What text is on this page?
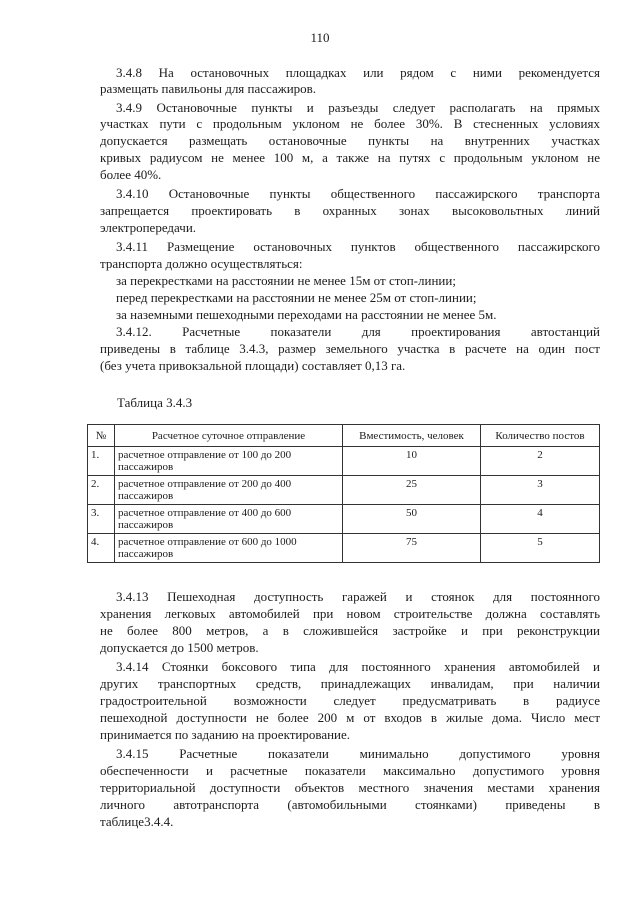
110
3.4.8 На остановочных площадках или рядом с ними рекомендуется
размещать павильоны для пассажиров.
3.4.9 Остановочные пункты и разъезды следует располагать на прямых
участках пути с продольным уклоном не более 30%. В стесненных условиях
допускается размещать остановочные пункты на внутренних участках
кривых радиусом не менее 100 м, а также на путях с продольным уклоном не
более 40%.
3.4.10 Остановочные пункты общественного пассажирского транспорта
запрещается проектировать в охранных зонах высоковольтных линий
электропередачи.
3.4.11 Размещение остановочных пунктов общественного пассажирского
транспорта должно осуществляться:
за перекрестками на расстоянии не менее 15м от стоп-линии;
перед перекрестками на расстоянии не менее 25м от стоп-линии;
за наземными пешеходными переходами на расстоянии не менее 5м.
3.4.12. Расчетные показатели для проектирования автостанций
приведены в таблице 3.4.3, размер земельного участка в расчете на один пост
(без учета привокзальной площади) составляет 0,13 га.
Таблица 3.4.3
№	Расчетное суточное отправление	Вместимость, человек	Количество постов
1.	расчетное отправление от 100 до 200 пассажиров	10	2
2.	расчетное отправление от 200 до 400 пассажиров	25	3
3.	расчетное отправление от 400 до 600 пассажиров	50	4
4.	расчетное отправление от 600 до 1000 пассажиров	75	5
3.4.13 Пешеходная доступность гаражей и стоянок для постоянного
хранения легковых автомобилей при новом строительстве должна составлять
не более 800 метров, а в сложившейся застройке и при реконструкции
допускается до 1500 метров.
3.4.14 Стоянки боксового типа для постоянного хранения автомобилей и
других транспортных средств, принадлежащих инвалидам, при наличии
градостроительной возможности следует предусматривать в радиусе
пешеходной доступности не более 200 м от входов в жилые дома. Число мест
принимается по заданию на проектирование.
3.4.15 Расчетные показатели минимально допустимого уровня
обеспеченности и расчетные показатели максимально допустимого уровня
территориальной доступности объектов местного значения местами хранения
личного автотранспорта (автомобильными стоянками) приведены в
таблице3.4.4.
